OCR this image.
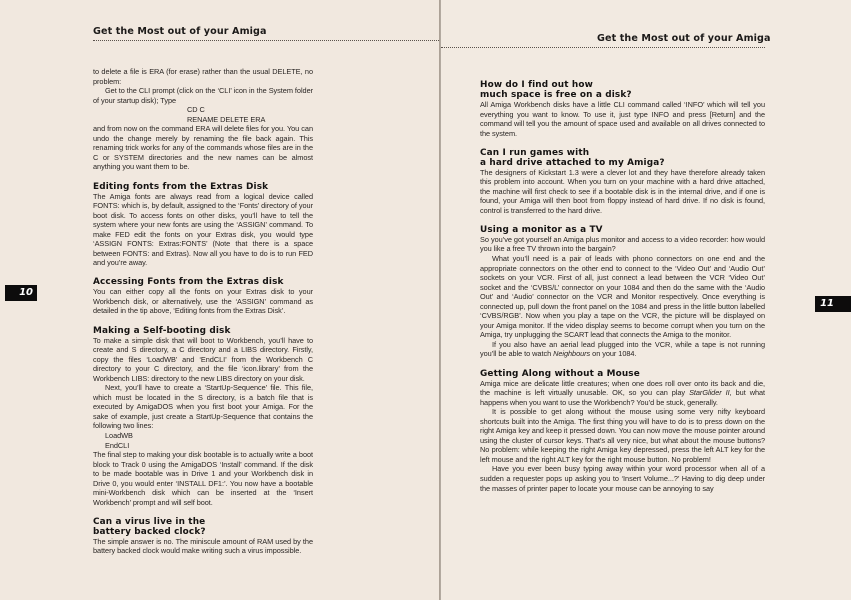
Get the Most out of your Amiga
Get the Most out of your Amiga
10
11

to delete a file is ERA (for erase) rather than the usual DELETE, no problem:

Get to the CLI prompt (click on the ‘CLI’ icon in the System folder of your startup disk); Type

CD C

RENAME DELETE ERA

and from now on the command ERA will delete files for you. You can undo the change merely by renaming the file back again. This renaming trick works for any of the commands whose files are in the C or SYSTEM directories and the new names can be almost anything you want them to be.

Editing fonts from the Extras Disk

The Amiga fonts are always read from a logical device called FONTS: which is, by default, assigned to the ‘Fonts’ directory of your boot disk. To access fonts on other disks, you’ll have to tell the system where your new fonts are using the ‘ASSIGN’ command. To make FED edit the fonts on your Extras disk, you would type ‘ASSIGN FONTS: Extras:FONTS’ (Note that there is a space between FONTS: and Extras). Now all you have to do is to run FED and you’re away.

Accessing Fonts from the Extras disk

You can either copy all the fonts on your Extras disk to your Workbench disk, or alternatively, use the ‘ASSIGN’ command as detailed in the tip above, ‘Editing fonts from the Extras Disk’.

Making a Self-booting disk

To make a simple disk that will boot to Workbench, you’ll have to create and S directory, a C directory and a LIBS directory. Firstly, copy the files ‘LoadWB’ and ‘EndCLI’ from the Workbench C directory to your C directory, and the file ‘icon.library’ from the Workbench LIBS: directory to the new LIBS directory on your disk.

Next, you’ll have to create a ‘StartUp-Sequence’ file. This file, which must be located in the S directory, is a batch file that is executed by AmigaDOS when you first boot your Amiga. For the sake of example, just create a StartUp-Sequence that contains the following two lines:

LoadWB

EndCLI

The final step to making your disk bootable is to actually write a boot block to Track 0 using the AmigaDOS ‘Install’ command. If the disk to be made bootable was in Drive 1 and your Workbench disk in Drive 0, you would enter ‘INSTALL DF1:’. You now have a bootable mini-Workbench disk which can be inserted at the ‘Insert Workbench’ prompt and will self boot.

Can a virus live in the
battery backed clock?

The simple answer is no. The miniscule amount of RAM used by the battery backed clock would make writing such a virus impossible.

How do I find out how
much space is free on a disk?

All Amiga Workbench disks have a little CLI command called ‘INFO’ which will tell you everything you want to know. To use it, just type INFO and press [Return] and the command will tell you the amount of space used and available on all drives connected to the system.

Can I run games with
a hard drive attached to my Amiga?

The designers of Kickstart 1.3 were a clever lot and they have therefore already taken this problem into account. When you turn on your machine with a hard drive attached, the machine will first check to see if a bootable disk is in the internal drive, and if one is found, your Amiga will then boot from floppy instead of hard drive. If no disk is found, control is transferred to the hard drive.

Using a monitor as a TV

So you’ve got yourself an Amiga plus monitor and access to a video recorder: how would you like a free TV thrown into the bargain?

What you’ll need is a pair of leads with phono connectors on one end and the appropriate connectors on the other end to connect to the ‘Video Out’ and ‘Audio Out’ sockets on your VCR. First of all, just connect a lead between the VCR ‘Video Out’ socket and the ‘CVBS/L’ connector on your 1084 and then do the same with the ‘Audio Out’ and ‘Audio’ connector on the VCR and Monitor respectively. Once everything is connected up, pull down the front panel on the 1084 and press in the little button labelled ‘CVBS/RGB’. Now when you play a tape on the VCR, the picture will be displayed on your Amiga monitor. If the video display seems to become corrupt when you turn on the Amiga, try unplugging the SCART lead that connects the Amiga to the monitor.

If you also have an aerial lead plugged into the VCR, while a tape is not running you’ll be able to watch Neighbours on your 1084.

Getting Along without a Mouse

Amiga mice are delicate little creatures; when one does roll over onto its back and die, the machine is left virtually unusable. OK, so you can play StarGlider II, but what happens when you want to use the Workbench? You’d be stuck, generally.

It is possible to get along without the mouse using some very nifty keyboard shortcuts built into the Amiga. The first thing you will have to do is to press down on the right Amiga key and keep it pressed down. You can now move the mouse pointer around using the cluster of cursor keys. That’s all very nice, but what about the mouse buttons? No problem: while keeping the right Amiga key depressed, press the left ALT key for the left mouse and the right ALT key for the right mouse button. No problem!

Have you ever been busy typing away within your word processor when all of a sudden a requester pops up asking you to ‘Insert Volume...?’ Having to dig deep under the masses of printer paper to locate your mouse can be annoying to say
